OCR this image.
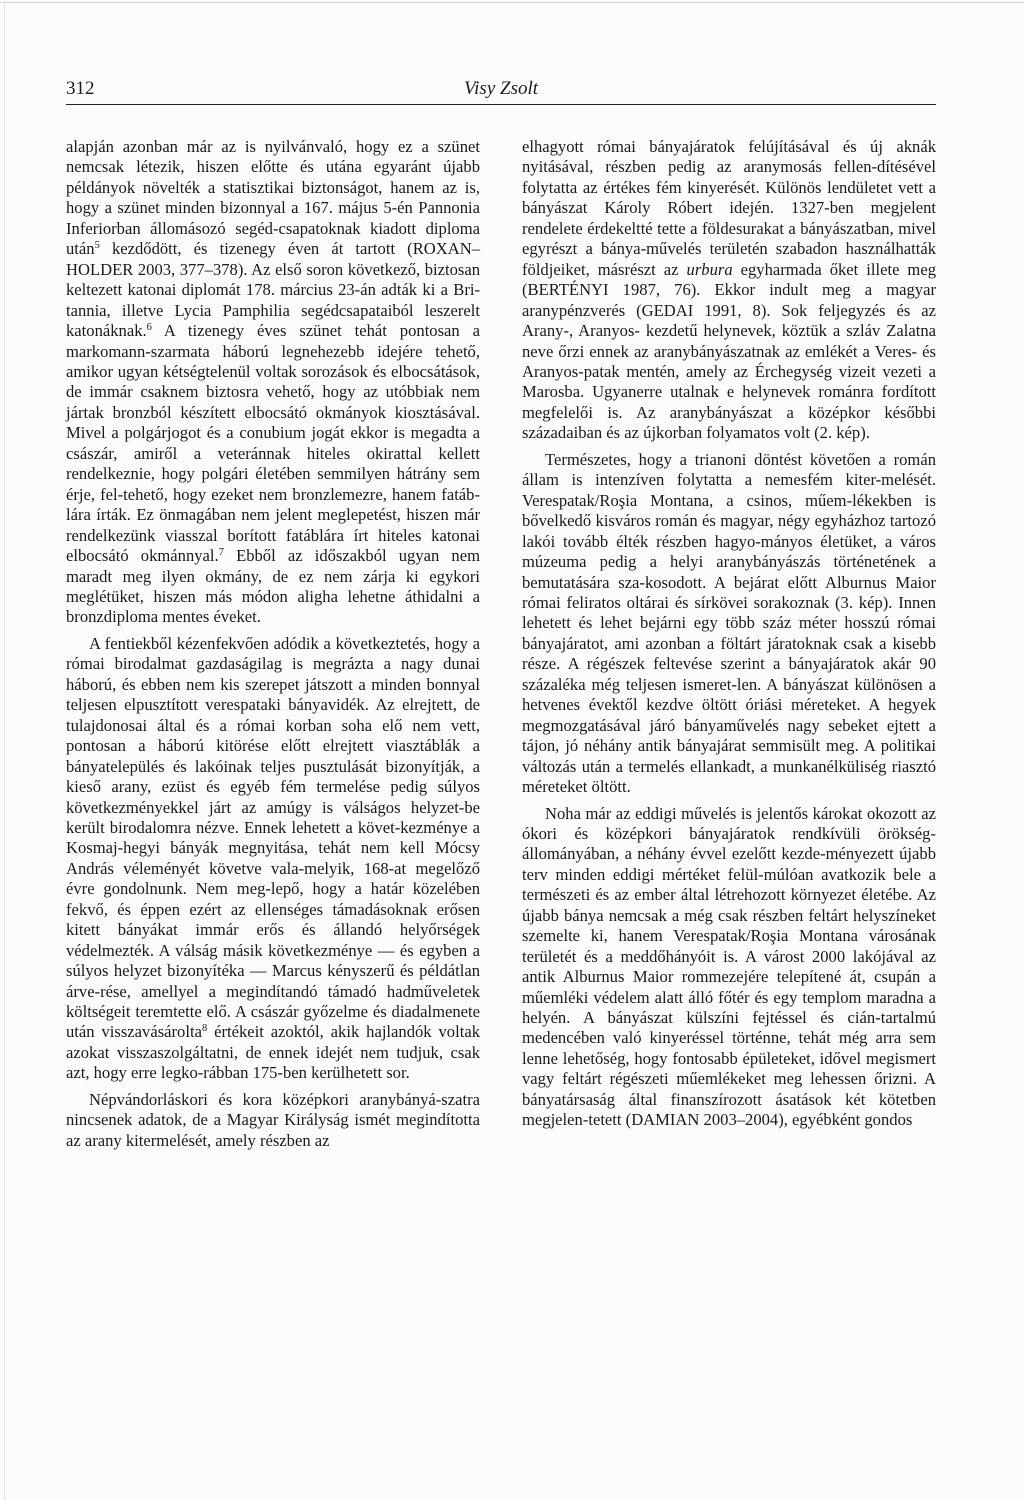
312	Visy Zsolt

alapján azonban már az is nyilvánvaló, hogy ez a szünet nemcsak létezik, hiszen előtte és utána egyaránt újabb példányok növelték a statisztikai biztonságot, hanem az is, hogy a szünet minden bizonnyal a 167. május 5-én Pannonia Inferiorban állomásozó segéd-csapatoknak kiadott diploma után$^5$ kezdődött, és tizenegy éven át tartott (ROXAN–HOLDER 2003, 377–378). Az első soron következő, biztosan keltezett katonai diplomát 178. március 23-án adták ki a Bri-tannia, illetve Lycia Pamphilia segédcsapataiból leszerelt katonáknak.$^6$ A tizenegy éves szünet tehát pontosan a markomann-szarmata háború legnehezebb idejére tehető, amikor ugyan kétségtelenül voltak sorozások és elbocsátások, de immár csaknem biztosra vehető, hogy az utóbbiak nem jártak bronzból készített elbocsátó okmányok kiosztásával. Mivel a polgárjogot és a conubium jogát ekkor is megadta a császár, amiről a veteránnak hiteles okirattal kellett rendelkeznie, hogy polgári életében semmilyen hátrány sem érje, fel-tehető, hogy ezeket nem bronzlemezre, hanem fatáb-lára írták. Ez önmagában nem jelent meglepetést, hiszen már rendelkezünk viasszal borított fatáblára írt hiteles katonai elbocsátó okmánnyal.$^7$ Ebből az időszakból ugyan nem maradt meg ilyen okmány, de ez nem zárja ki egykori meglétüket, hiszen más módon aligha lehetne áthidalni a bronzdiploma mentes éveket.

A fentiekből kézenfekvően adódik a következtetés, hogy a római birodalmat gazdaságilag is megrázta a nagy dunai háború, és ebben nem kis szerepet játszott a minden bonnyal teljesen elpusztított verespataki bányavidék. Az elrejtett, de tulajdonosai által és a római korban soha elő nem vett, pontosan a háború kitörése előtt elrejtett viasztáblák a bányatelepülés és lakóinak teljes pusztulását bizonyítják, a kieső arany, ezüst és egyéb fém termelése pedig súlyos következményekkel járt az amúgy is válságos helyzet-be került birodalomra nézve. Ennek lehetett a követ-kezménye a Kosmaj-hegyi bányák megnyitása, tehát nem kell Mócsy András véleményét követve vala-melyik, 168-at megelőző évre gondolnunk. Nem meg-lepő, hogy a határ közelében fekvő, és éppen ezért az ellenséges támadásoknak erősen kitett bányákat immár erős és állandó helyőrségek védelmezték. A válság másik következménye — és egyben a súlyos helyzet bizonyítéka — Marcus kényszerű és példátlan árve-rése, amellyel a megindítandó támadó hadműveletek költségeit teremtette elő. A császár győzelme és diadalmenete után visszavásárolta$^8$ értékeit azoktól, akik hajlandók voltak azokat visszaszolgáltatni, de ennek idejét nem tudjuk, csak azt, hogy erre legko-rábban 175-ben kerülhetett sor.

Népvándorláskori és kora középkori aranybányá-szatra nincsenek adatok, de a Magyar Királyság ismét megindította az arany kitermelését, amely részben az

elhagyott római bányajáratok felújításával és új aknák nyitásával, részben pedig az aranymosás fellen-dítésével folytatta az értékes fém kinyerését. Különös lendületet vett a bányászat Károly Róbert idején. 1327-ben megjelent rendelete érdekeltté tette a földesurakat a bányászatban, mivel egyrészt a bánya-művelés területén szabadon használhatták földjeiket, másrészt az urbura egyharmada őket illete meg (BERTÉNYI 1987, 76). Ekkor indult meg a magyar aranypénzverés (GEDAI 1991, 8). Sok feljegyzés és az Arany-, Aranyos- kezdetű helynevek, köztük a szláv Zalatna neve őrzi ennek az aranybányászatnak az emlékét a Veres- és Aranyos-patak mentén, amely az Érchegység vizeit vezeti a Marosba. Ugyanerre utalnak e helynevek románra fordított megfelelői is. Az aranybányászat a középkor későbbi századaiban és az újkorban folyamatos volt (2. kép).

Természetes, hogy a trianoni döntést követően a román állam is intenzíven folytatta a nemesfém kiter-melését. Verespatak/Roşia Montana, a csinos, műem-lékekben is bővelkedő kisváros román és magyar, négy egyházhoz tartozó lakói tovább élték részben hagyo-mányos életüket, a város múzeuma pedig a helyi aranybányászás történetének a bemutatására sza-kosodott. A bejárat előtt Alburnus Maior római feliratos oltárai és sírkövei sorakoznak (3. kép). Innen lehetett és lehet bejárni egy több száz méter hosszú római bányajáratot, ami azonban a föltárt járatoknak csak a kisebb része. A régészek feltevése szerint a bányajáratok akár 90 százaléka még teljesen ismeret-len. A bányászat különösen a hetvenes évektől kezdve öltött óriási méreteket. A hegyek megmozgatásával járó bányaművelés nagy sebeket ejtett a tájon, jó néhány antik bányajárat semmisült meg. A politikai változás után a termelés ellankadt, a munkanélküliség riasztó méreteket öltött.

Noha már az eddigi művelés is jelentős károkat okozott az ókori és középkori bányajáratok rendkívüli örökség-állományában, a néhány évvel ezelőtt kezde-ményezett újabb terv minden eddigi mértéket felül-múlóan avatkozik bele a természeti és az ember által létrehozott környezet életébe. Az újabb bánya nemcsak a még csak részben feltárt helyszíneket szemelte ki, hanem Verespatak/Roşia Montana városának területét és a meddőhányóit is. A várost 2000 lakójával az antik Alburnus Maior rommezejére telepítené át, csupán a műemléki védelem alatt álló főtér és egy templom maradna a helyén. A bányászat külszíni fejtéssel és cián-tartalmú medencében való kinyeréssel történne, tehát még arra sem lenne lehetőség, hogy fontosabb épületeket, idővel megismert vagy feltárt régészeti műemlékeket meg lehessen őrizni. A bányatársaság által finanszírozott ásatások két kötetben megjelen-tetett (DAMIAN 2003–2004), egyébként gondos
